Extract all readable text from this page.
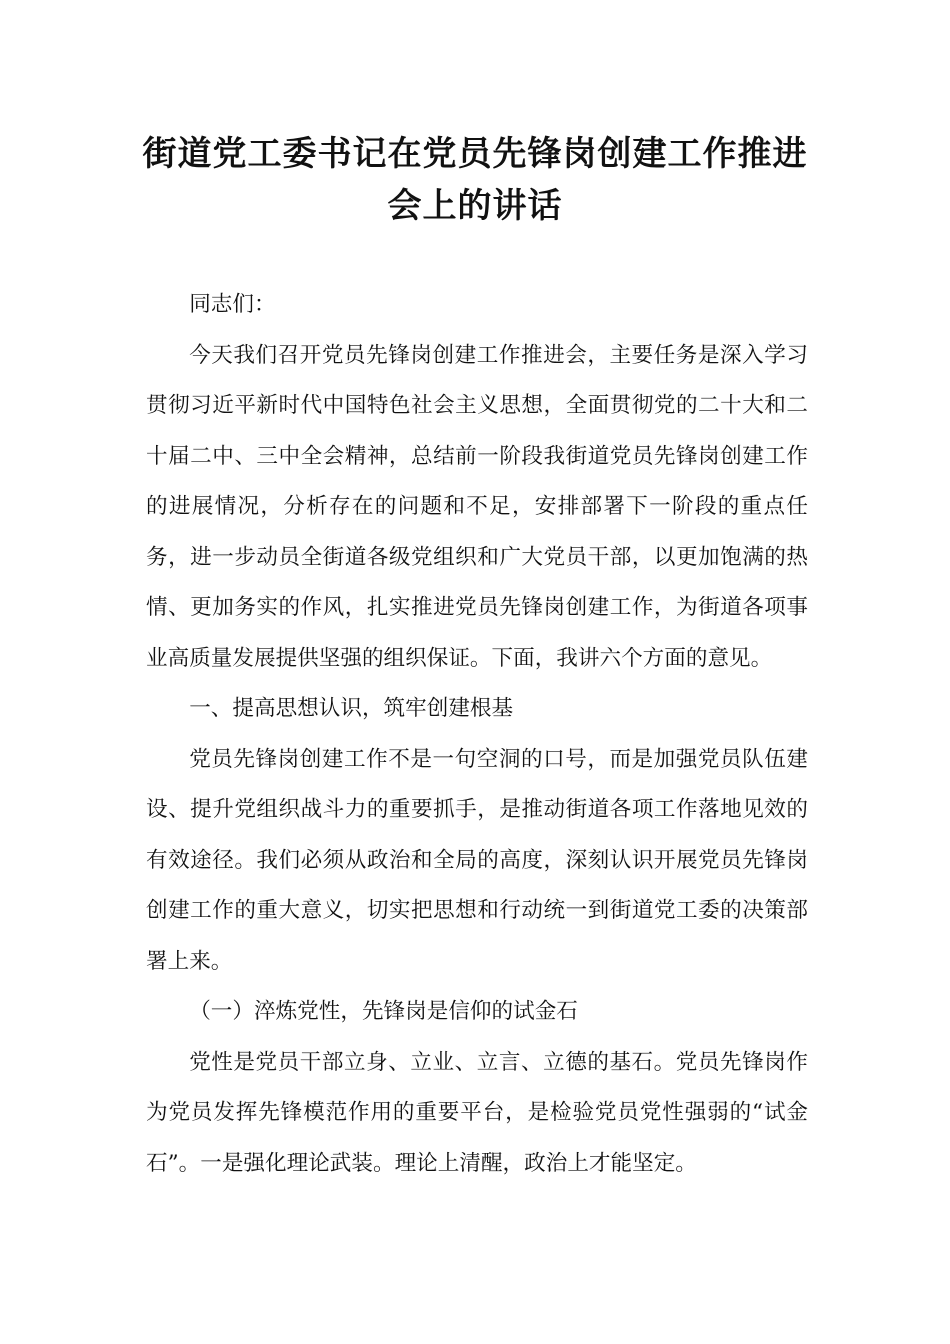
街道党工委书记在党员先锋岗创建工作推进会上的讲话

同志们：

今天我们召开党员先锋岗创建工作推进会，主要任务是深入学习贯彻习近平新时代中国特色社会主义思想，全面贯彻党的二十大和二十届二中、三中全会精神，总结前一阶段我街道党员先锋岗创建工作的进展情况，分析存在的问题和不足，安排部署下一阶段的重点任务，进一步动员全街道各级党组织和广大党员干部，以更加饱满的热情、更加务实的作风，扎实推进党员先锋岗创建工作，为街道各项事业高质量发展提供坚强的组织保证。下面，我讲六个方面的意见。

一、提高思想认识，筑牢创建根基

党员先锋岗创建工作不是一句空洞的口号，而是加强党员队伍建设、提升党组织战斗力的重要抓手，是推动街道各项工作落地见效的有效途径。我们必须从政治和全局的高度，深刻认识开展党员先锋岗创建工作的重大意义，切实把思想和行动统一到街道党工委的决策部署上来。

（一）淬炼党性，先锋岗是信仰的试金石

党性是党员干部立身、立业、立言、立德的基石。党员先锋岗作为党员发挥先锋模范作用的重要平台，是检验党员党性强弱的“试金石”。一是强化理论武装。理论上清醒，政治上才能坚定。
